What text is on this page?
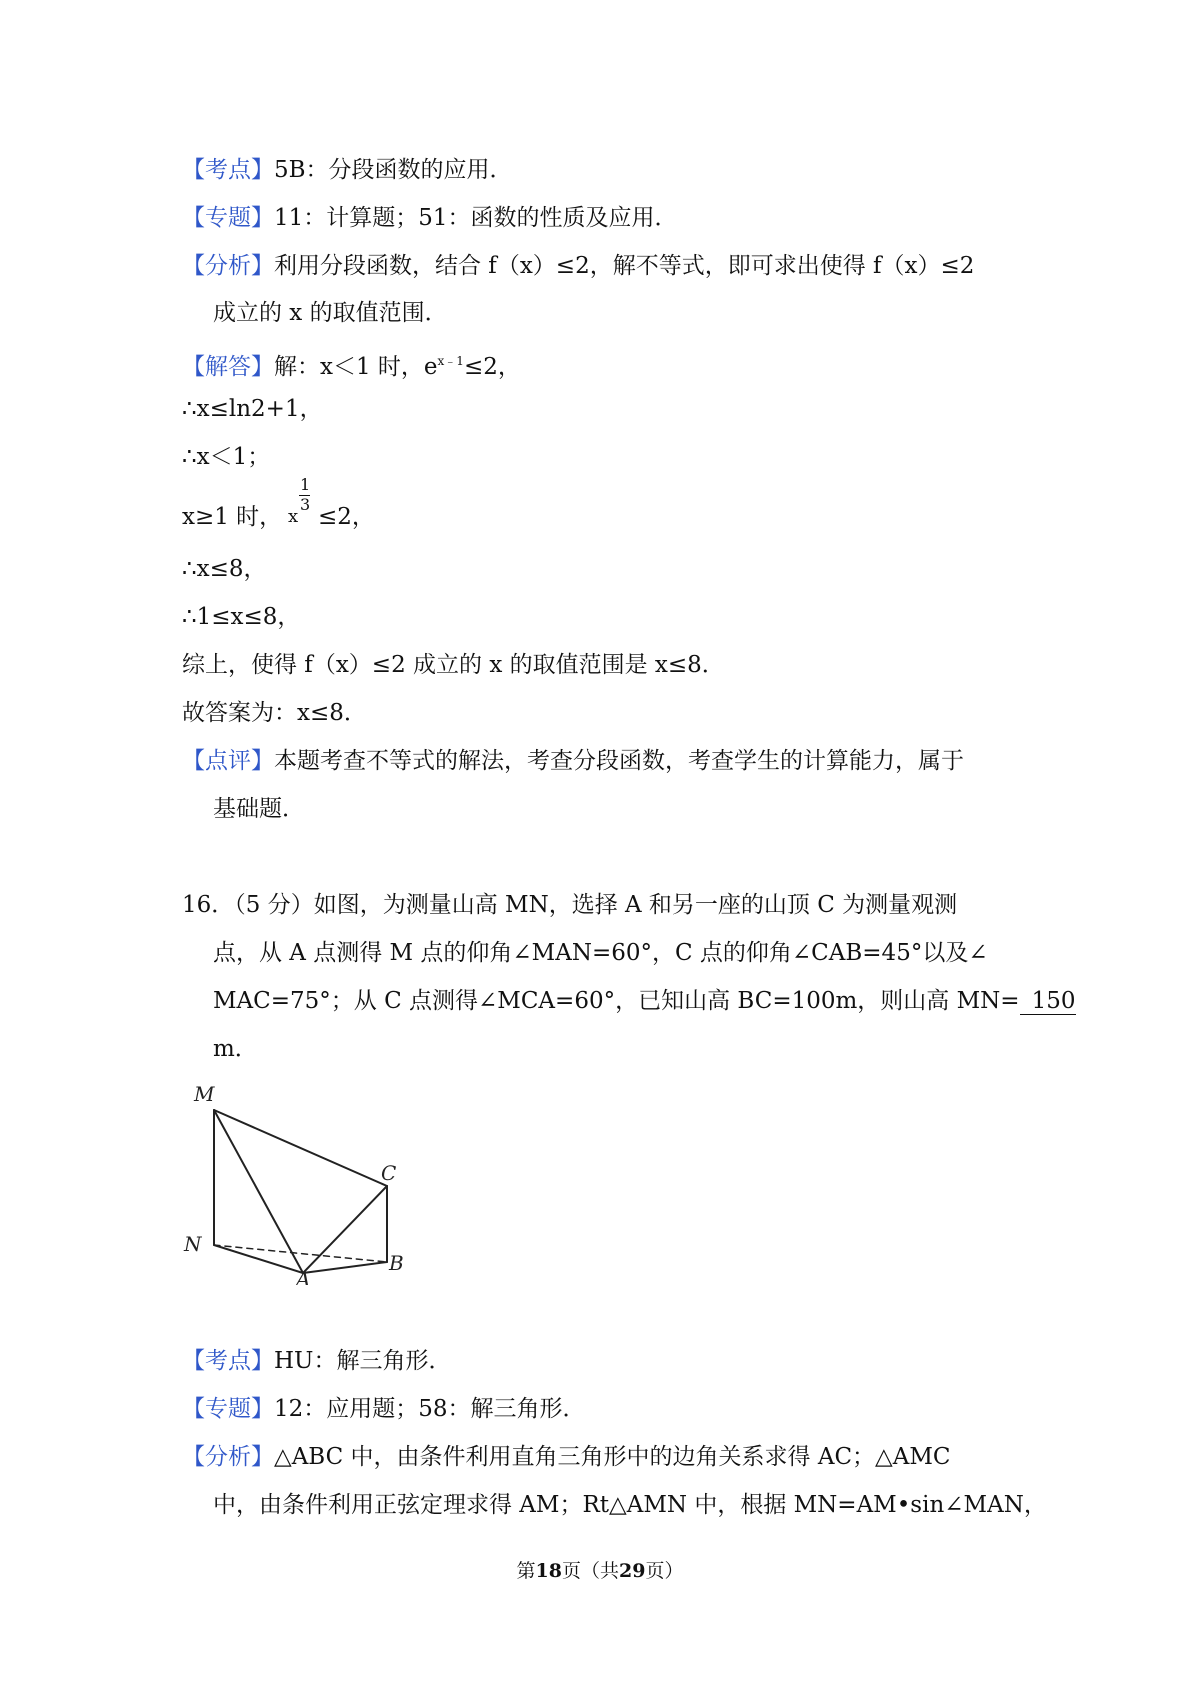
【考点】5B：分段函数的应用．
【专题】11：计算题；51：函数的性质及应用．
【分析】利用分段函数，结合 f（x）≤2，解不等式，即可求出使得 f（x）≤2
成立的 x 的取值范围．
【解答】解：x＜1 时，$e^{x﹣1}\le 2$，
∴x≤ln2+1，
∴x＜1；
x≥1 时，
1
3
x ≤2，
∴x≤8，
∴1≤x≤8，
综上，使得 f（x）≤2 成立的 x 的取值范围是 x≤8．
故答案为：x≤8．
【点评】本题考查不等式的解法，考查分段函数，考查学生的计算能力，属于
基础题．
16．（5 分）如图，为测量山高 MN，选择 A 和另一座的山顶 C 为测量观测
点，从 A 点测得 M 点的仰角∠MAN=60°，C 点的仰角∠CAB=45°以及∠
MAC=75°；从 C 点测得∠MCA=60°，已知山高 BC=100m，则山高 MN= 150
m．
M
C
N
A
B
【考点】HU：解三角形．
【专题】12：应用题；58：解三角形．
【分析】△ABC 中，由条件利用直角三角形中的边角关系求得 AC；△AMC
中，由条件利用正弦定理求得 AM；Rt△AMN 中，根据 MN=AM•sin∠MAN，
第18页（共29页）
